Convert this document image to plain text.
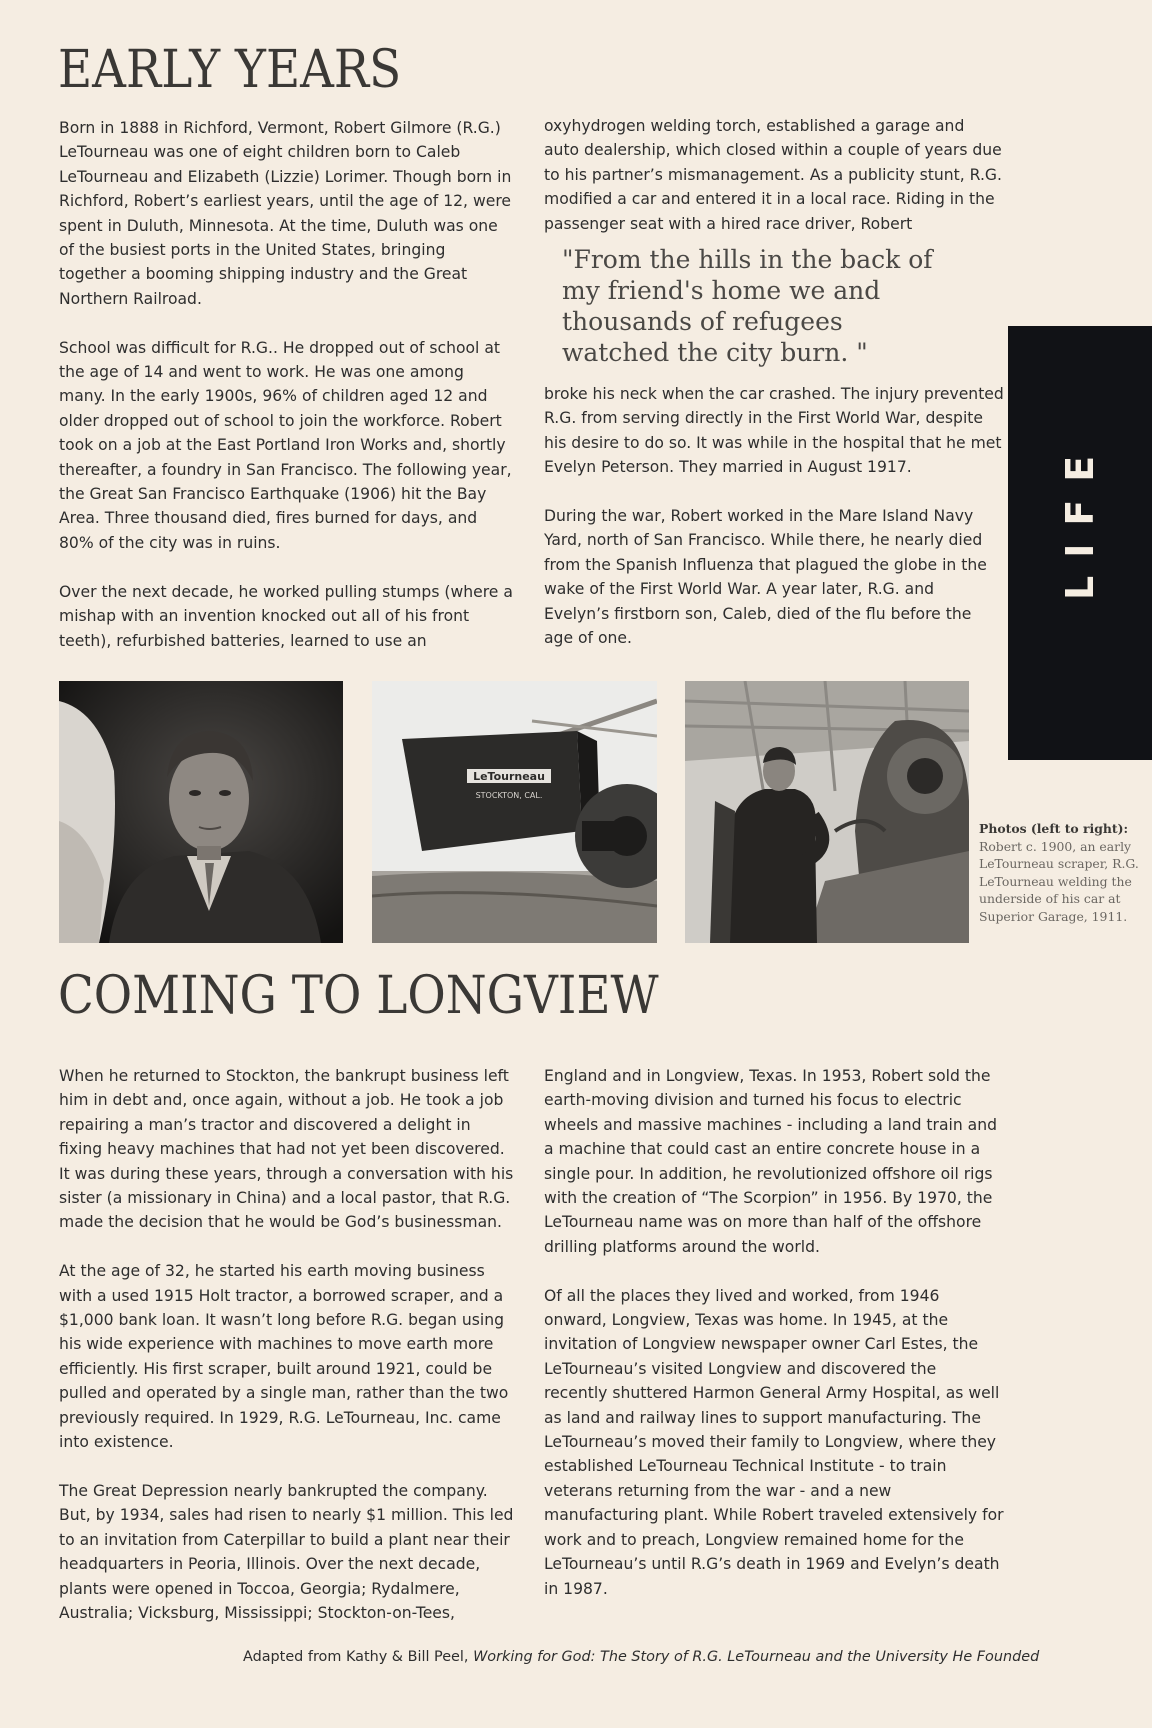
EARLY YEARS

Born in 1888 in Richford, Vermont, Robert Gilmore (R.G.) LeTourneau was one of eight children born to Caleb LeTourneau and Elizabeth (Lizzie) Lorimer. Though born in Richford, Robert’s earliest years, until the age of 12, were spent in Duluth, Minnesota. At the time, Duluth was one of the busiest ports in the United States, bringing together a booming shipping industry and the Great Northern Railroad.

School was difficult for R.G.. He dropped out of school at the age of 14 and went to work. He was one among many. In the early 1900s, 96% of children aged 12 and older dropped out of school to join the workforce. Robert took on a job at the East Portland Iron Works and, shortly thereafter, a foundry in San Francisco. The following year, the Great San Francisco Earthquake (1906) hit the Bay Area. Three thousand died, fires burned for days, and 80% of the city was in ruins.

Over the next decade, he worked pulling stumps (where a mishap with an invention knocked out all of his front teeth), refurbished batteries, learned to use an

oxyhydrogen welding torch, established a garage and auto dealership, which closed within a couple of years due to his partner’s mismanagement. As a publicity stunt, R.G. modified a car and entered it in a local race. Riding in the passenger seat with a hired race driver, Robert

"From the hills in the back of my friend's home we and thousands of refugees watched the city burn. "

broke his neck when the car crashed. The injury prevented R.G. from serving directly in the First World War, despite his desire to do so. It was while in the hospital that he met Evelyn Peterson. They married in August 1917.

During the war, Robert worked in the Mare Island Navy Yard, north of San Francisco. While there, he nearly died from the Spanish Influenza that plagued the globe in the wake of the First World War. A year later, R.G. and Evelyn’s firstborn son, Caleb, died of the flu before the age of one.

LIFE
LeTourneau
STOCKTON, CAL.
Photos (left to right): Robert c. 1900, an early LeTourneau scraper, R.G. LeTourneau welding the underside of his car at Superior Garage, 1911.
COMING TO LONGVIEW

When he returned to Stockton, the bankrupt business left him in debt and, once again, without a job. He took a job repairing a man’s tractor and discovered a delight in fixing heavy machines that had not yet been discovered. It was during these years, through a conversation with his sister (a missionary in China) and a local pastor, that R.G. made the decision that he would be God’s businessman.

At the age of 32, he started his earth moving business with a used 1915 Holt tractor, a borrowed scraper, and a $1,000 bank loan. It wasn’t long before R.G. began using his wide experience with machines to move earth more efficiently. His first scraper, built around 1921, could be pulled and operated by a single man, rather than the two previously required. In 1929, R.G. LeTourneau, Inc. came into existence.

The Great Depression nearly bankrupted the company. But, by 1934, sales had risen to nearly $1 million. This led to an invitation from Caterpillar to build a plant near their headquarters in Peoria, Illinois. Over the next decade, plants were opened in Toccoa, Georgia; Rydalmere, Australia; Vicksburg, Mississippi; Stockton-on-Tees,

England and in Longview, Texas. In 1953, Robert sold the earth-moving division and turned his focus to electric wheels and massive machines - including a land train and a machine that could cast an entire concrete house in a single pour. In addition, he revolutionized offshore oil rigs with the creation of “The Scorpion” in 1956. By 1970, the LeTourneau name was on more than half of the offshore drilling platforms around the world.

Of all the places they lived and worked, from 1946 onward, Longview, Texas was home. In 1945, at the invitation of Longview newspaper owner Carl Estes, the LeTourneau’s visited Longview and discovered the recently shuttered Harmon General Army Hospital, as well as land and railway lines to support manufacturing. The LeTourneau’s moved their family to Longview, where they established LeTourneau Technical Institute - to train veterans returning from the war - and a new manufacturing plant. While Robert traveled extensively for work and to preach, Longview remained home for the LeTourneau’s until R.G’s death in 1969 and Evelyn’s death in 1987.

Adapted from Kathy & Bill Peel, Working for God: The Story of R.G. LeTourneau and the University He Founded
